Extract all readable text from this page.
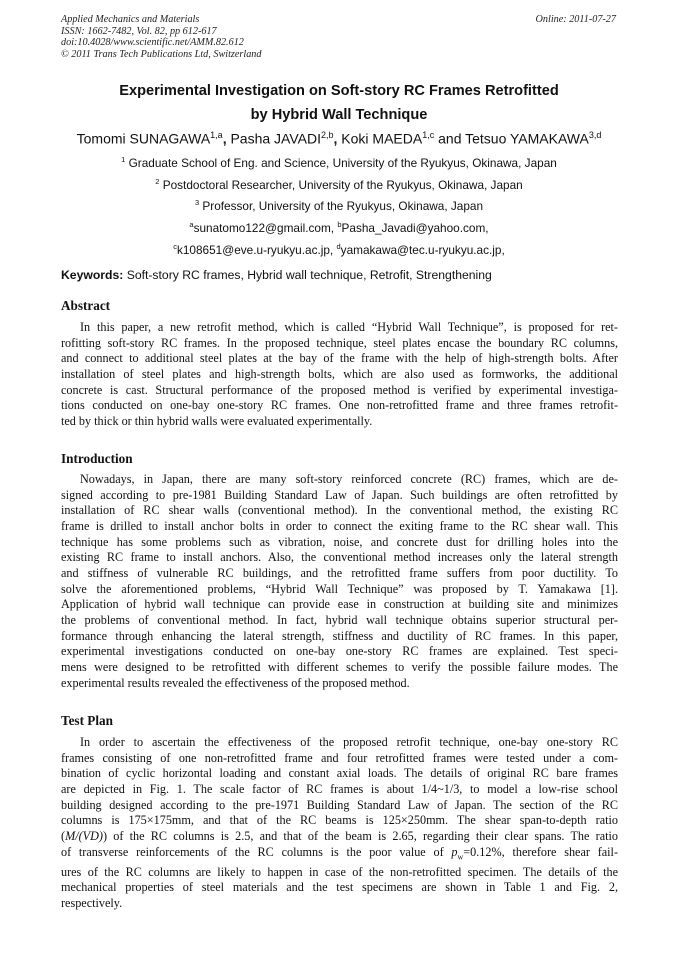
Applied Mechanics and Materials
ISSN: 1662-7482, Vol. 82, pp 612-617
doi:10.4028/www.scientific.net/AMM.82.612
© 2011 Trans Tech Publications Ltd, Switzerland
Online: 2011-07-27
Experimental Investigation on Soft-story RC Frames Retrofitted
by Hybrid Wall Technique
Tomomi SUNAGAWA$^{1,a}$, Pasha JAVADI$^{2,b}$, Koki MAEDA$^{1,c}$ and Tetsuo YAMAKAWA$^{3,d}$
$^1$ Graduate School of Eng. and Science, University of the Ryukyus, Okinawa, Japan
$^2$ Postdoctoral Researcher, University of the Ryukyus, Okinawa, Japan
$^3$ Professor, University of the Ryukyus, Okinawa, Japan
$^a$sunatomo122@gmail.com, $^b$Pasha_Javadi@yahoo.com,
$^c$k108651@eve.u-ryukyu.ac.jp, $^d$yamakawa@tec.u-ryukyu.ac.jp,
Keywords: Soft-story RC frames, Hybrid wall technique, Retrofit, Strengthening
Abstract
In this paper, a new retrofit method, which is called “Hybrid Wall Technique”, is proposed for ret-
rofitting soft-story RC frames. In the proposed technique, steel plates encase the boundary RC columns,
and connect to additional steel plates at the bay of the frame with the help of high-strength bolts. After
installation of steel plates and high-strength bolts, which are also used as formworks, the additional
concrete is cast. Structural performance of the proposed method is verified by experimental investiga-
tions conducted on one-bay one-story RC frames. One non-retrofitted frame and three frames retrofit-
ted by thick or thin hybrid walls were evaluated experimentally.
Introduction
Nowadays, in Japan, there are many soft-story reinforced concrete (RC) frames, which are de-
signed according to pre-1981 Building Standard Law of Japan. Such buildings are often retrofitted by
installation of RC shear walls (conventional method). In the conventional method, the existing RC
frame is drilled to install anchor bolts in order to connect the exiting frame to the RC shear wall. This
technique has some problems such as vibration, noise, and concrete dust for drilling holes into the
existing RC frame to install anchors. Also, the conventional method increases only the lateral strength
and stiffness of vulnerable RC buildings, and the retrofitted frame suffers from poor ductility. To
solve the aforementioned problems, “Hybrid Wall Technique” was proposed by T. Yamakawa [1].
Application of hybrid wall technique can provide ease in construction at building site and minimizes
the problems of conventional method. In fact, hybrid wall technique obtains superior structural per-
formance through enhancing the lateral strength, stiffness and ductility of RC frames. In this paper,
experimental investigations conducted on one-bay one-story RC frames are explained. Test speci-
mens were designed to be retrofitted with different schemes to verify the possible failure modes. The
experimental results revealed the effectiveness of the proposed method.
Test Plan
In order to ascertain the effectiveness of the proposed retrofit technique, one-bay one-story RC
frames consisting of one non-retrofitted frame and four retrofitted frames were tested under a com-
bination of cyclic horizontal loading and constant axial loads. The details of original RC bare frames
are depicted in Fig. 1. The scale factor of RC frames is about 1/4~1/3, to model a low-rise school
building designed according to the pre-1971 Building Standard Law of Japan. The section of the RC
columns is 175×175mm, and that of the RC beams is 125×250mm. The shear span-to-depth ratio
(M/(VD)) of the RC columns is 2.5, and that of the beam is 2.65, regarding their clear spans. The ratio
of transverse reinforcements of the RC columns is the poor value of $p_w=0.12\%$, therefore shear fail-
ures of the RC columns are likely to happen in case of the non-retrofitted specimen. The details of the
mechanical properties of steel materials and the test specimens are shown in Table 1 and Fig. 2,
respectively.
